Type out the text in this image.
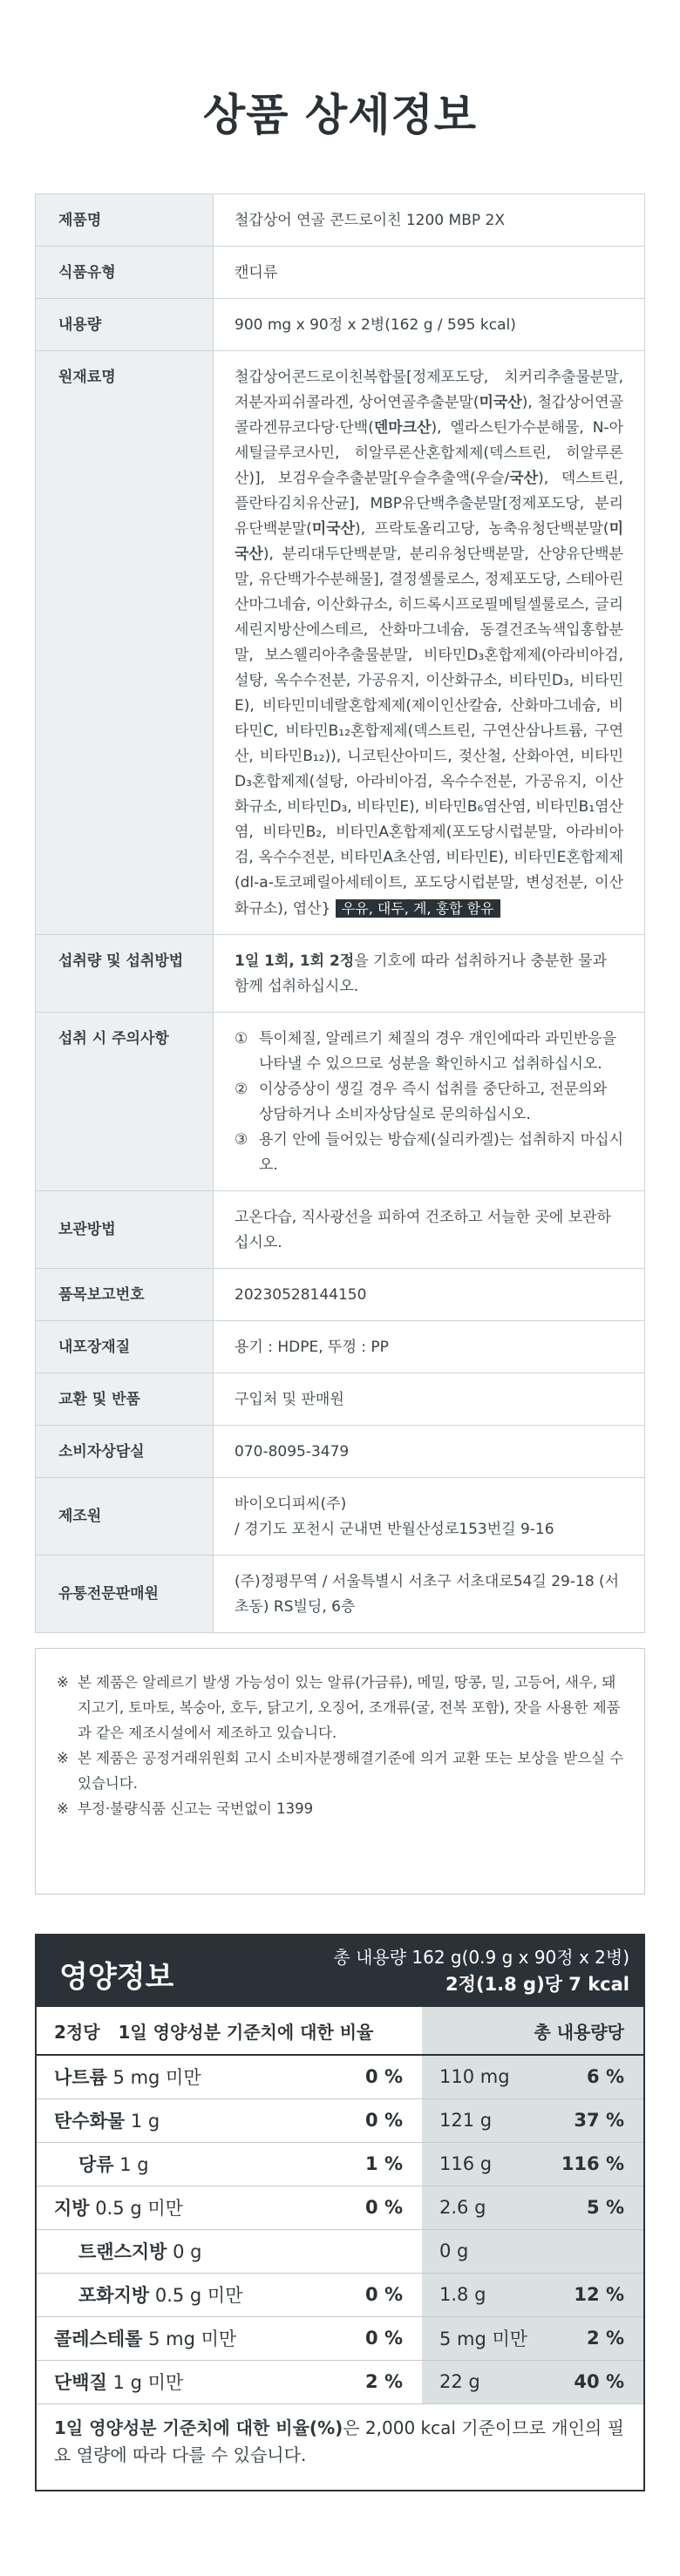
상품 상세정보
제품명	철갑상어 연골 콘드로이친 1200 MBP 2X
식품유형	캔디류
내용량	900 mg x 90정 x 2병(162 g / 595 kcal)
원재료명	철갑상어콘드로이친복합물[정제포도당, 치커리추출물분말, 저분자피쉬콜라겐, 상어연골추출분말(미국산), 철갑상어연골콜라겐뮤코다당·단백(덴마크산), 엘라스틴가수분해물, N-아세틸글루코사민, 히알루론산혼합제제(덱스트린, 히알루론산)], 보검우슬추출분말[우슬추출액(우슬/국산), 덱스트린, 플란타김치유산균], MBP유단백추출분말[정제포도당, 분리유단백분말(미국산), 프락토올리고당, 농축유청단백분말(미국산), 분리대두단백분말, 분리유청단백분말, 산양유단백분말, 유단백가수분해물], 결정셀룰로스, 정제포도당, 스테아린산마그네슘, 이산화규소, 히드록시프로필메틸셀룰로스, 글리세린지방산에스테르, 산화마그네슘, 동결건조녹색입홍합분말, 보스웰리아추출물분말, 비타민D₃혼합제제(아라비아검, 설탕, 옥수수전분, 가공유지, 이산화규소, 비타민D₃, 비타민E), 비타민미네랄혼합제제(제이인산칼슘, 산화마그네슘, 비타민C, 비타민B₁₂혼합제제(덱스트린, 구연산삼나트륨, 구연산, 비타민B₁₂)), 니코틴산아미드, 젖산철, 산화아연, 비타민D₃혼합제제(설탕, 아라비아검, 옥수수전분, 가공유지, 이산화규소, 비타민D₃, 비타민E), 비타민B₆염산염, 비타민B₁염산염, 비타민B₂, 비타민A혼합제제(포도당시럽분말, 아라비아검, 옥수수전분, 비타민A초산염, 비타민E), 비타민E혼합제제(dl-a-토코페릴아세테이트, 포도당시럽분말, 변성전분, 이산화규소), 엽산} 우유, 대두, 게, 홍합 함유

섭취량 및 섭취방법	1일 1회, 1회 2정을 기호에 따라 섭취하거나 충분한 물과 함께 섭취하십시오.
섭취 시 주의사항	① 특이체질, 알레르기 체질의 경우 개인에따라 과민반응을 나타낼 수 있으므로 성분을 확인하시고 섭취하십시오.
② 이상증상이 생길 경우 즉시 섭취를 중단하고, 전문의와 상담하거나 소비자상담실로 문의하십시오.
③ 용기 안에 들어있는 방습제(실리카겔)는 섭취하지 마십시오.

보관방법	고온다습, 직사광선을 피하여 건조하고 서늘한 곳에 보관하십시오.
품목보고번호	20230528144150
내포장재질	용기 : HDPE, 뚜껑 : PP
교환 및 반품	구입처 및 판매원
소비자상담실	070-8095-3479
제조원	바이오디피씨(주)
/ 경기도 포천시 군내면 반월산성로153번길 9-16

유통전문판매원	(주)정평무역 / 서울특별시 서초구 서초대로54길 29-18 (서초동) RS빌딩, 6층
※ 본 제품은 알레르기 발생 가능성이 있는 알류(가금류), 메밀, 땅콩, 밀, 고등어, 새우, 돼지고기, 토마토, 복숭아, 호두, 닭고기, 오징어, 조개류(굴, 전복 포함), 잣을 사용한 제품과 같은 제조시설에서 제조하고 있습니다.
※ 본 제품은 공정거래위원회 고시 소비자분쟁해결기준에 의거 교환 또는 보상을 받으실 수 있습니다.
※ 부정·불량식품 신고는 국번없이 1399
영양정보
총 내용량 162 g(0.9 g x 90정 x 2병)
2정(1.8 g)당 7 kcal
2정당   1일 영양성분 기준치에 대한 비율	총 내용량당

나트륨 5 mg 미만 0 %	110 mg 6 %

탄수화물 1 g 0 %	121 g 37 %

당류 1 g 1 %	116 g 116 %

지방 0.5 g 미만 0 %	2.6 g 5 %

트랜스지방 0 g	0 g

포화지방 0.5 g 미만 0 %	1.8 g 12 %

콜레스테롤 5 mg 미만 0 %	5 mg 미만 2 %

단백질 1 g 미만 2 %	22 g 40 %
1일 영양성분 기준치에 대한 비율(%)은 2,000 kcal 기준이므로 개인의 필요 열량에 따라 다를 수 있습니다.
